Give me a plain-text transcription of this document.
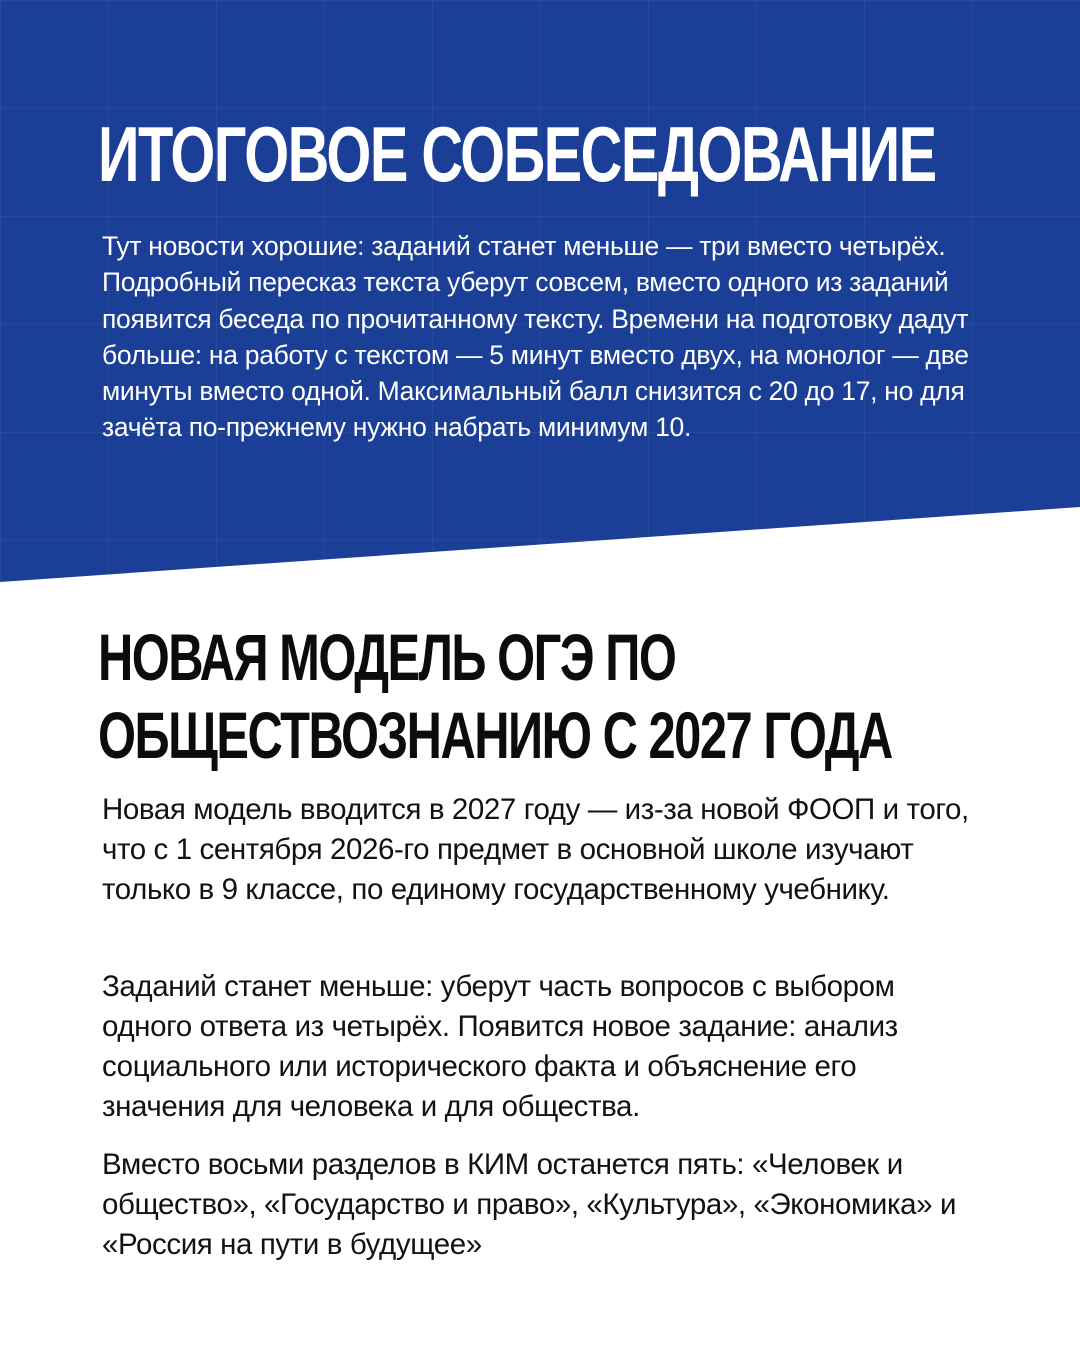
ИТОГОВОЕ СОБЕСЕДОВАНИЕ

Тут новости хорошие: заданий станет меньше — три вместо четырёх. Подробный пересказ текста уберут совсем, вместо одного из заданий появится беседа по прочитанному тексту. Времени на подготовку дадут больше: на работу с текстом — 5 минут вместо двух, на монолог — две минуты вместо одной. Максимальный балл снизится с 20 до 17, но для зачёта по-прежнему нужно набрать минимум 10.

НОВАЯ МОДЕЛЬ ОГЭ ПО ОБЩЕСТВОЗНАНИЮ С 2027 ГОДА

Новая модель вводится в 2027 году — из-за новой ФООП и того, что с 1 сентября 2026-го предмет в основной школе изучают только в 9 классе, по единому государственному учебнику.

Заданий станет меньше: уберут часть вопросов с выбором одного ответа из четырёх. Появится новое задание: анализ социального или исторического факта и объяснение его значения для человека и для общества.

Вместо восьми разделов в КИМ останется пять: «Человек и общество», «Государство и право», «Культура», «Экономика» и «Россия на пути в будущее»
